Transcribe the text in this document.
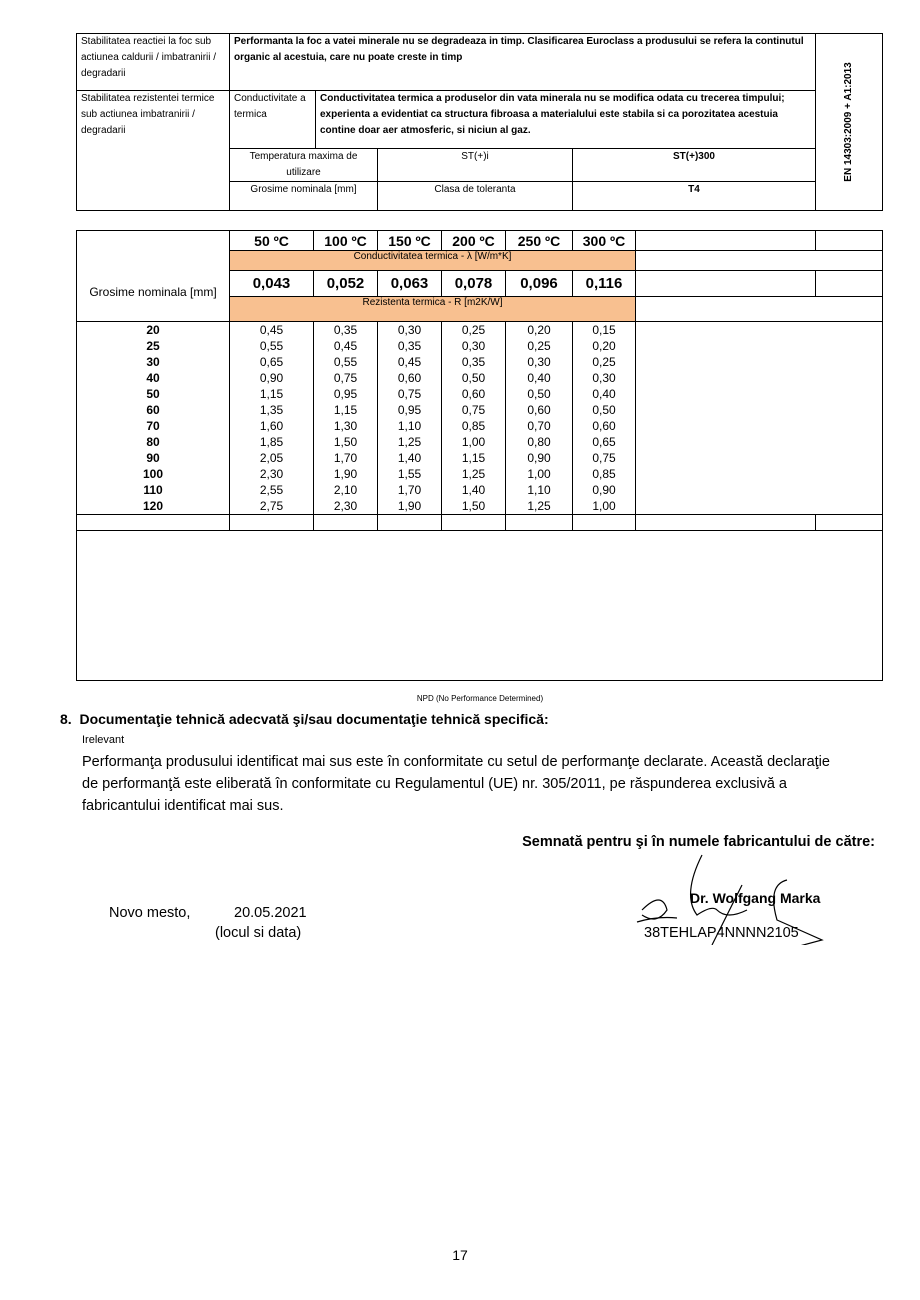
Stabilitatea reactiei la foc sub actiunea caldurii / imbatranirii / degradarii	Performanta la foc a vatei minerale nu se degradeaza in timp. Clasificarea Euroclass a produsului se refera la continutul organic al acestuia, care nu poate creste in timp				EN 14303:2009 + A1:2013

Stabilitatea rezistentei termice sub actiunea imbatranirii / degradarii	Conductivitate a termica	Conductivitatea termica a produselor din vata minerala nu se modifica odata cu trecerea timpului; experienta a evidentiat ca structura fibroasa a materialului este stabila si ca porozitatea acestuia contine doar aer atmosferic, si niciun al gaz.			
	Temperatura maxima de utilizare		ST(+)i	ST(+)300	
	Grosime nominala [mm]		Clasa de toleranta	T4	
Grosime nominala [mm]	50 ºC	100 ºC	150 ºC	200 ºC	250 ºC	300 ºC		
	Conductivitatea termica - λ [W/m*K]							
	0,043	0,052	0,063	0,078	0,096	0,116		
	Rezistenta termica - R [m2K/W]							
20	0,45	0,35	0,30	0,25	0,20	0,15		
25	0,55	0,45	0,35	0,30	0,25	0,20		
30	0,65	0,55	0,45	0,35	0,30	0,25		
40	0,90	0,75	0,60	0,50	0,40	0,30		
50	1,15	0,95	0,75	0,60	0,50	0,40		
60	1,35	1,15	0,95	0,75	0,60	0,50		
70	1,60	1,30	1,10	0,85	0,70	0,60		
80	1,85	1,50	1,25	1,00	0,80	0,65		
90	2,05	1,70	1,40	1,15	0,90	0,75		
100	2,30	1,90	1,55	1,25	1,00	0,85		
110	2,55	2,10	1,70	1,40	1,10	0,90		
120	2,75	2,30	1,90	1,50	1,25	1,00		

NPD (No Performance Determined)
8. Documentaţie tehnică adecvată şi/sau documentaţie tehnică specifică:
Irelevant
Performanţa produsului identificat mai sus este în conformitate cu setul de performanţe declarate. Această declaraţie de performanţă este eliberată în conformitate cu Regulamentul (UE) nr. 305/2011, pe răspunderea exclusivă a fabricantului identificat mai sus.
Semnată pentru şi în numele fabricantului de către:
Novo mesto,	20.05.2021
(locul si data)
Dr. Wolfgang Marka
38TEHLAP4NNNN2105
17
